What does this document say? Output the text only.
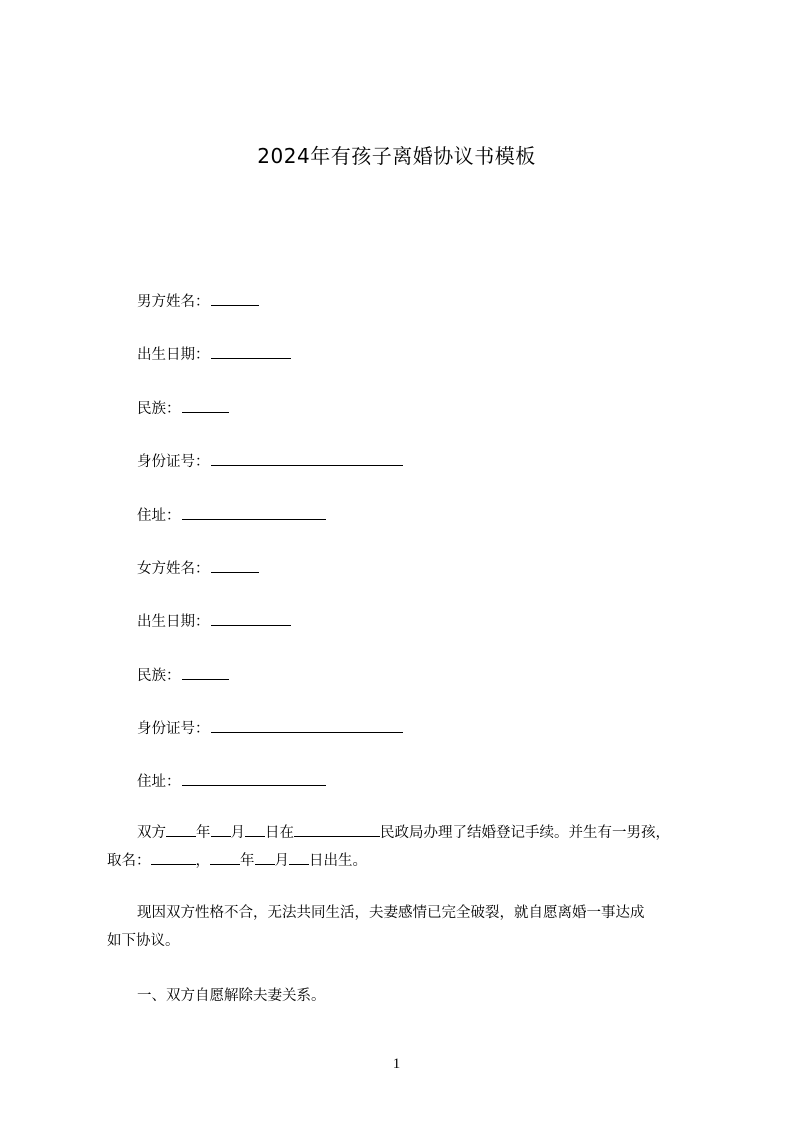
2024年有孩子离婚协议书模板
男方姓名：
出生日期：
民族：
身份证号：
住址：
女方姓名：
出生日期：
民族：
身份证号：
住址：
双方 年 月 日在	民政局办理了结婚登记手续。并生有一男孩，
取名：	， 年 月 日出生。
现因双方性格不合，无法共同生活，夫妻感情已完全破裂，就自愿离婚一事达成
如下协议。
一、双方自愿解除夫妻关系。
1
